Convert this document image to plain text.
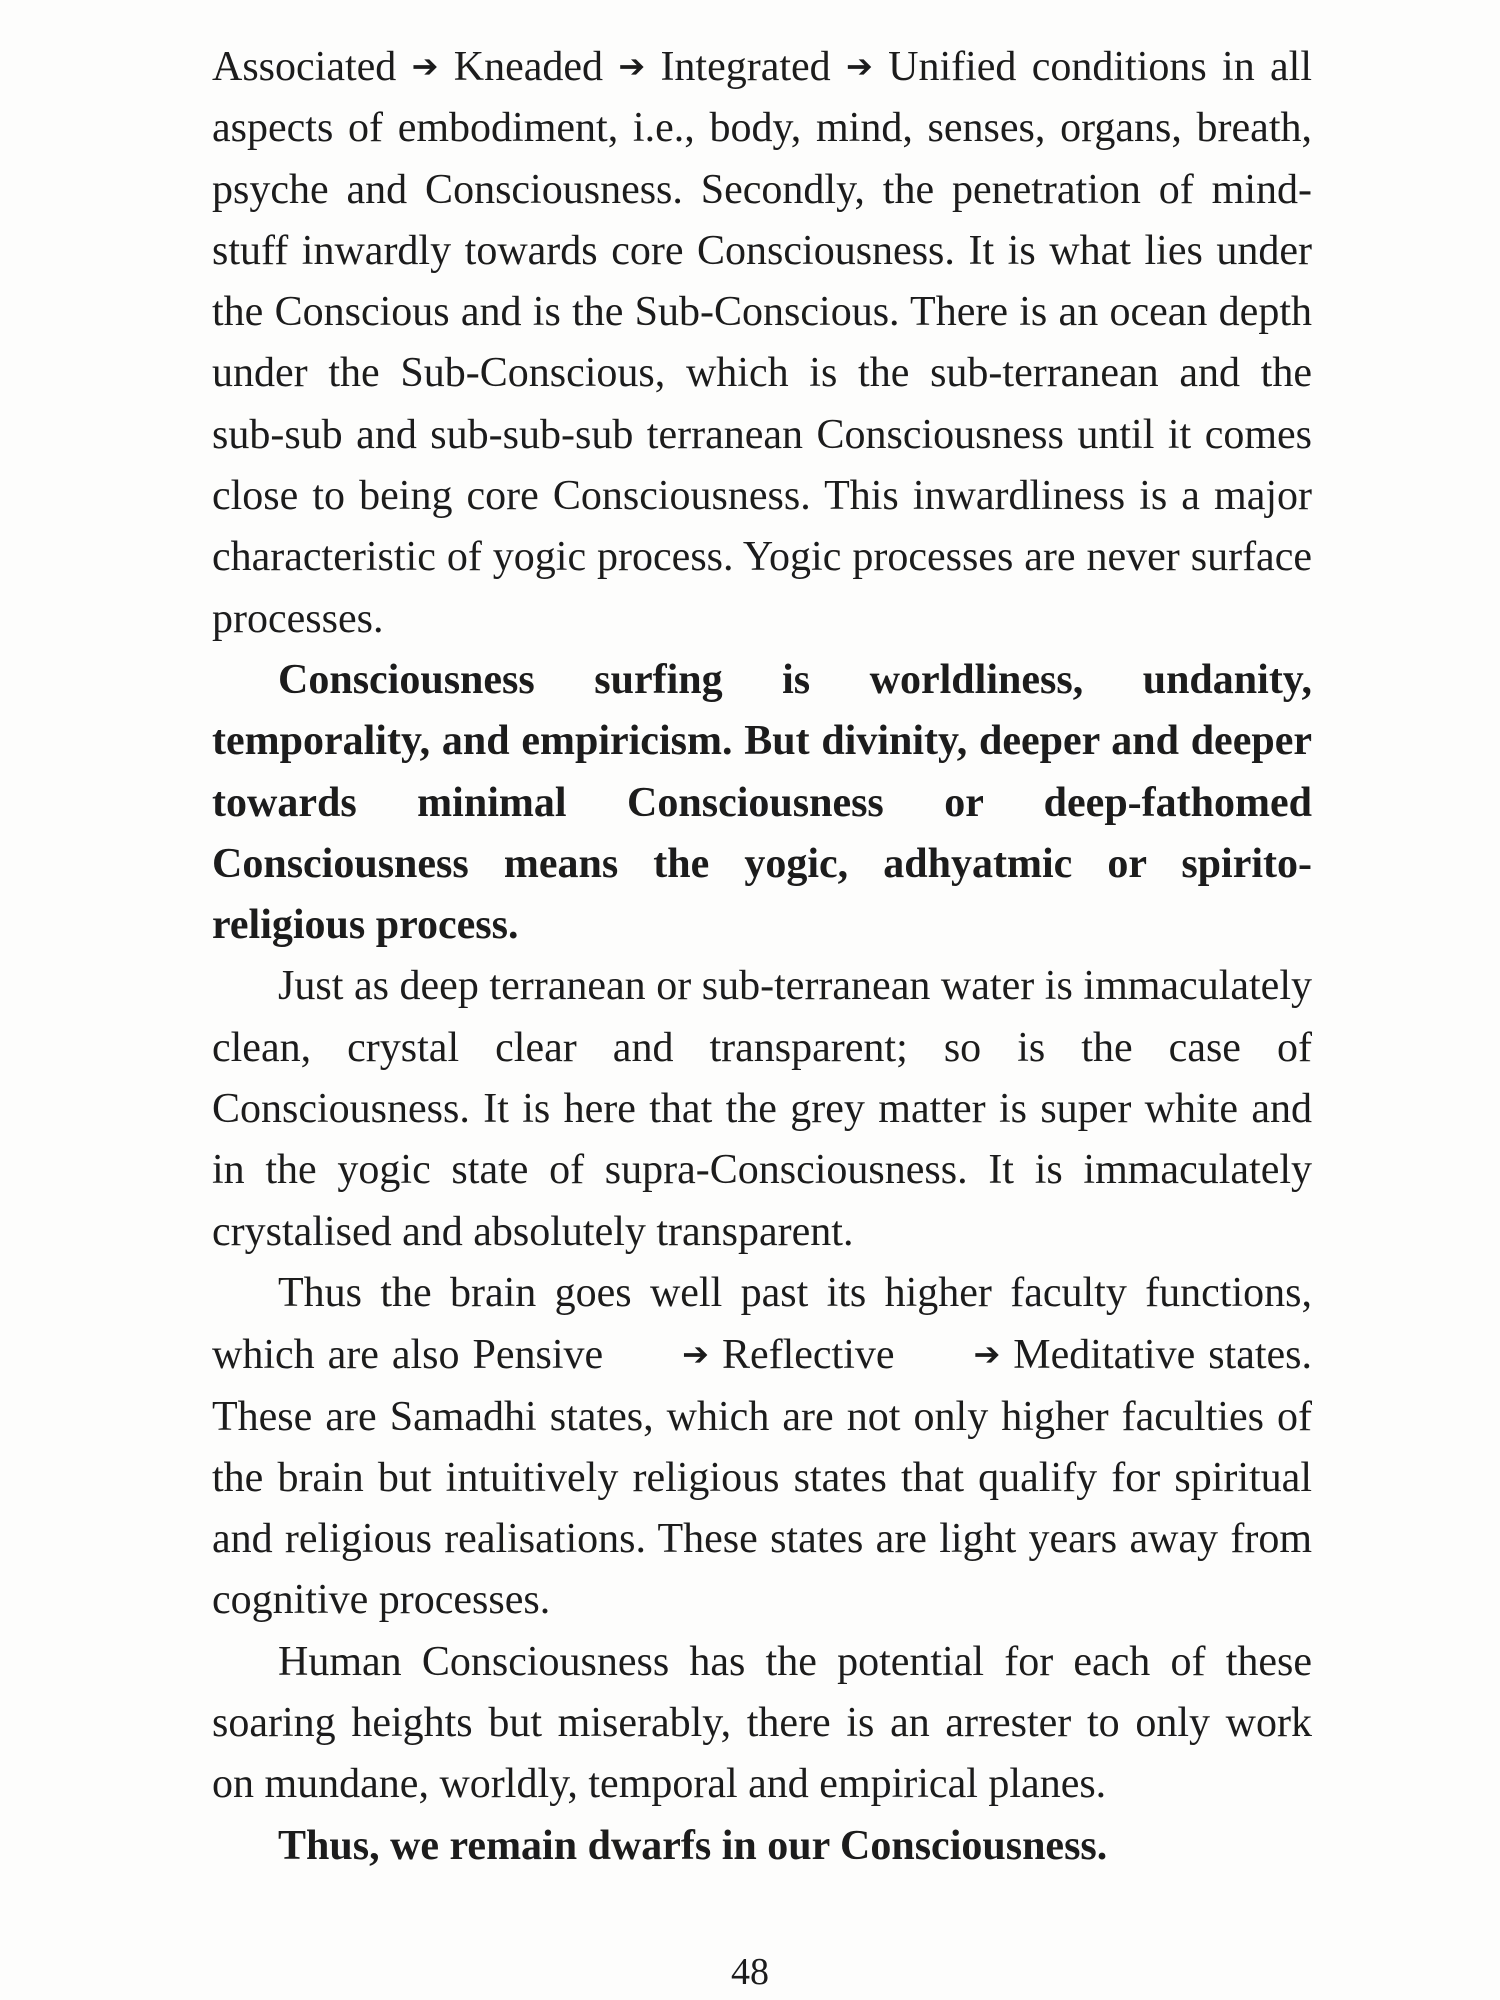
Associated ➔ Kneaded ➔ Integrated ➔ Unified conditions in all aspects of embodiment, i.e., body, mind, senses, organs, breath, psyche and Consciousness. Secondly, the penetration of mind-stuff inwardly towards core Consciousness. It is what lies under the Conscious and is the Sub-Conscious. There is an ocean depth under the Sub-Conscious, which is the sub-terranean and the sub-sub and sub-sub-sub terranean Consciousness until it comes close to being core Consciousness. This inwardliness is a major characteristic of yogic process. Yogic processes are never surface processes.

Consciousness surfing is worldliness, undanity, temporality, and empiricism. But divinity, deeper and deeper towards minimal Consciousness or deep-fathomed Consciousness means the yogic, adhyatmic or spirito-religious process.

Just as deep terranean or sub-terranean water is immaculately clean, crystal clear and transparent; so is the case of Consciousness. It is here that the grey matter is super white and in the yogic state of supra-Consciousness. It is immaculately crystalised and absolutely transparent.

Thus the brain goes well past its higher faculty functions, which are also Pensive ➔ Reflective ➔ Meditative states. These are Samadhi states, which are not only higher faculties of the brain but intuitively religious states that qualify for spiritual and religious realisations. These states are light years away from cognitive processes.

Human Consciousness has the potential for each of these soaring heights but miserably, there is an arrester to only work on mundane, worldly, temporal and empirical planes.

Thus, we remain dwarfs in our Consciousness.

48
